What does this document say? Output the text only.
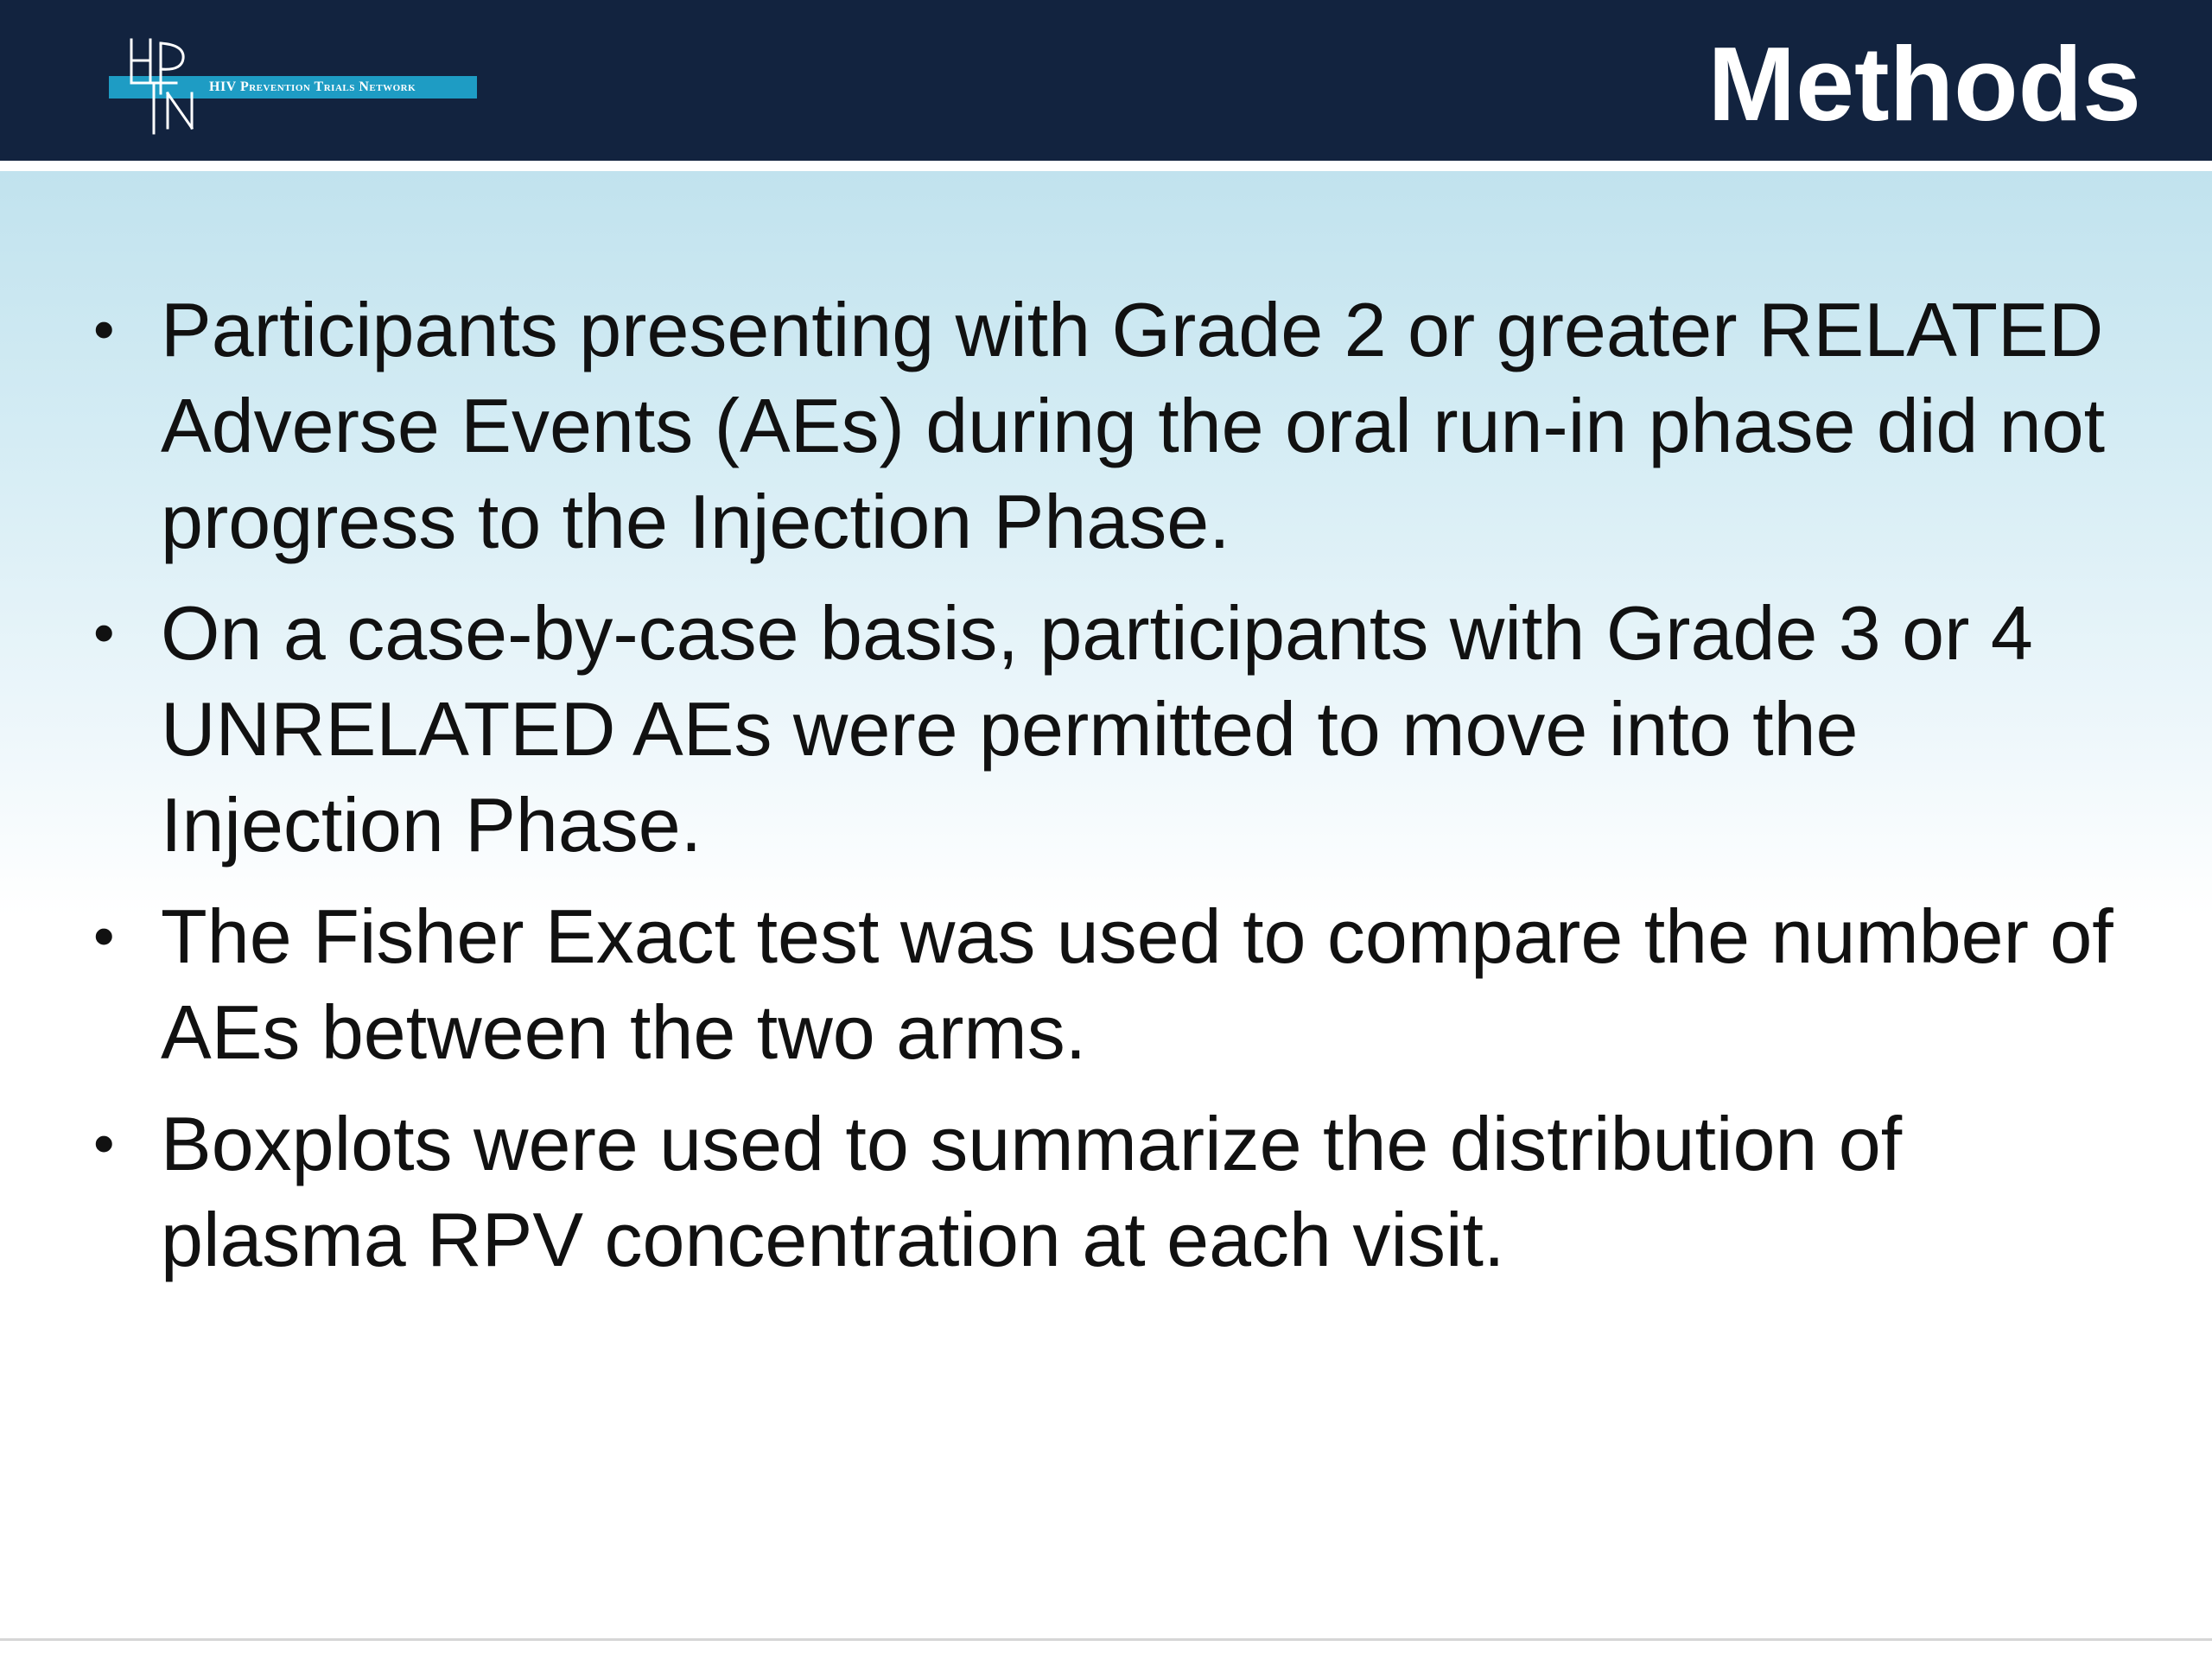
HIV Prevention Trials Network	Methods
• Participants presenting with Grade 2 or greater RELATED Adverse Events (AEs) during the oral run-in phase did not progress to the Injection Phase.
• On a case-by-case basis, participants with Grade 3 or 4 UNRELATED AEs were permitted to move into the Injection Phase.
• The Fisher Exact test was used to compare the number of AEs between the two arms.
• Boxplots were used to summarize the distribution of plasma RPV concentration at each visit.
